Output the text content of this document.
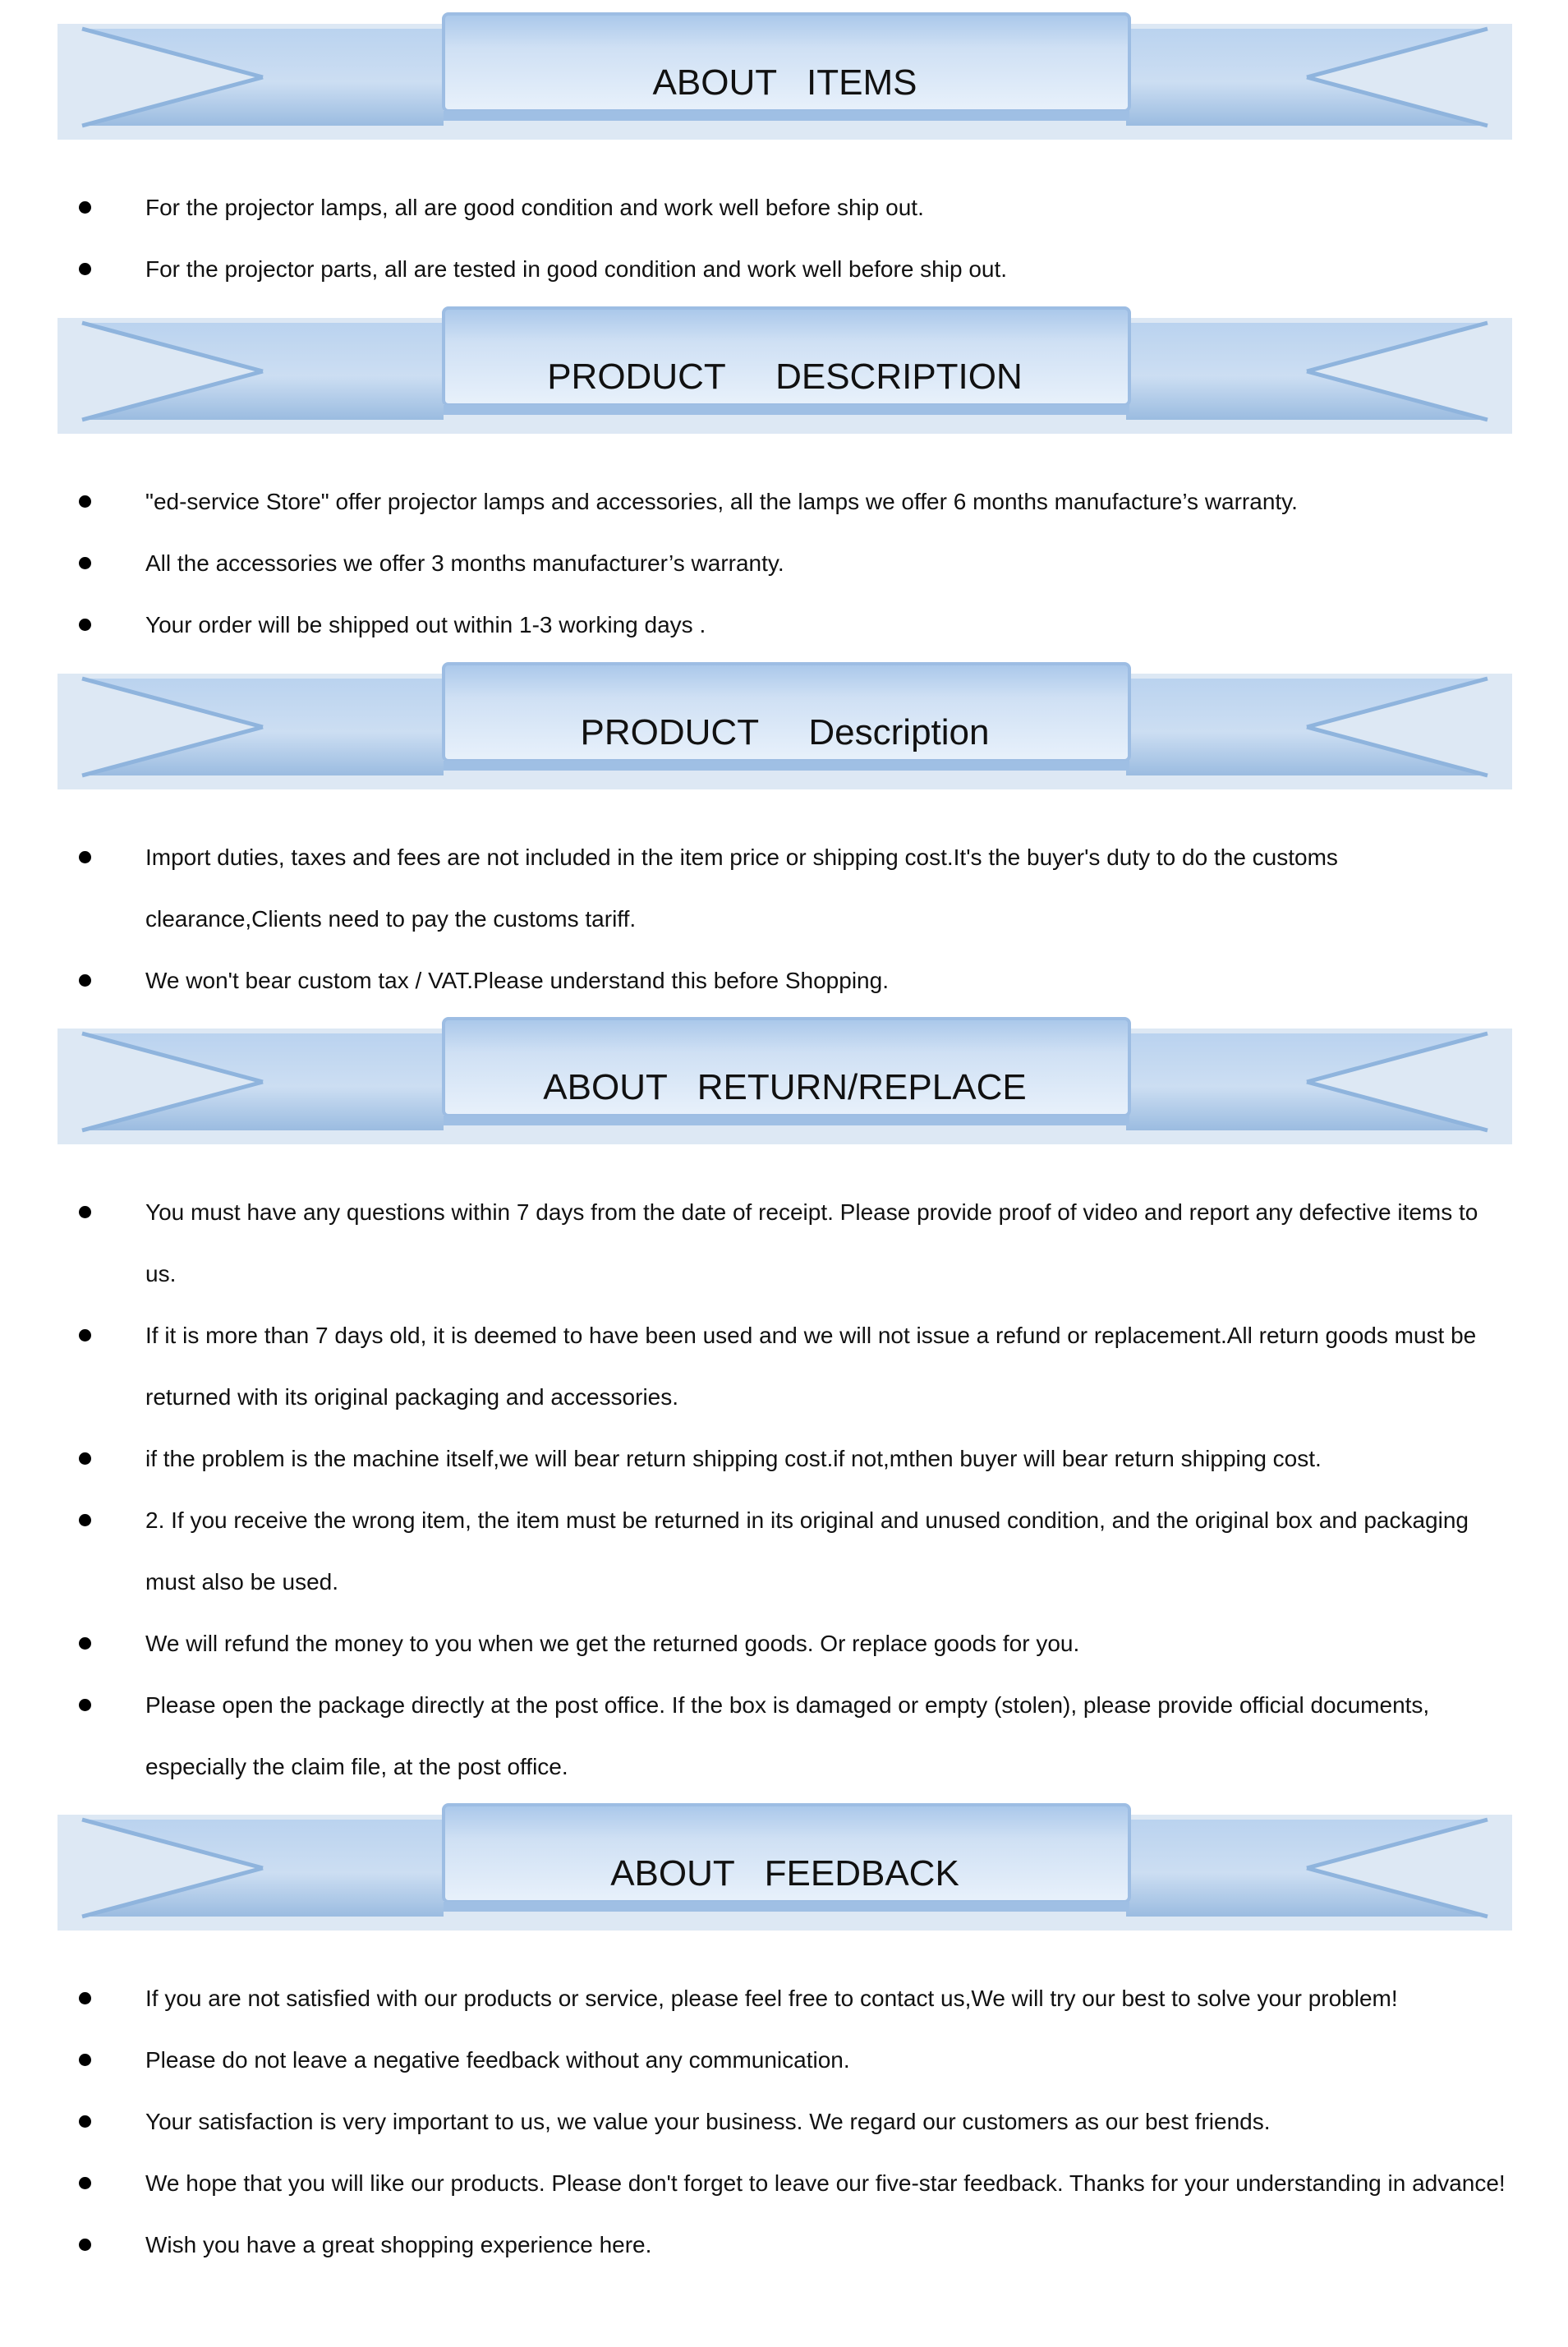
ABOUT   ITEMS
For the projector lamps, all are good condition and work well before ship out.
For the projector parts, all are tested in good condition and work well before ship out.
PRODUCT     DESCRIPTION
"ed-service Store" offer projector lamps and accessories, all the lamps we offer 6 months manufacture’s warranty.
All the accessories we offer 3 months manufacturer’s warranty.
Your order will be shipped out within 1-3 working days .
PRODUCT     Description
Import duties, taxes and fees are not included in the item price or shipping cost.It's the buyer's duty to do the customs clearance,Clients need to pay the customs tariff.
We won't bear custom tax / VAT.Please understand this before Shopping.
ABOUT   RETURN/REPLACE
You must have any questions within 7 days from the date of receipt. Please provide proof of video and report any defective items to us.
If it is more than 7 days old, it is deemed to have been used and we will not issue a refund or replacement.All return goods must be returned with its original packaging and accessories.
if the problem is the machine itself,we will bear return shipping cost.if not,mthen buyer will bear return shipping cost.
2. If you receive the wrong item, the item must be returned in its original and unused condition, and the original box and packaging must also be used.
We will refund the money to you when we get the returned goods. Or replace goods for you.
Please open the package directly at the post office. If the box is damaged or empty (stolen), please provide official documents, especially the claim file, at the post office.
ABOUT   FEEDBACK
If you are not satisfied with our products or service, please feel free to contact us,We will try our best to solve your problem!
Please do not leave a negative feedback without any communication.
Your satisfaction is very important to us, we value your business. We regard our customers as our best friends.
We hope that you will like our products. Please don't forget to leave our five-star feedback. Thanks for your understanding in advance!
Wish you have a great shopping experience here.
